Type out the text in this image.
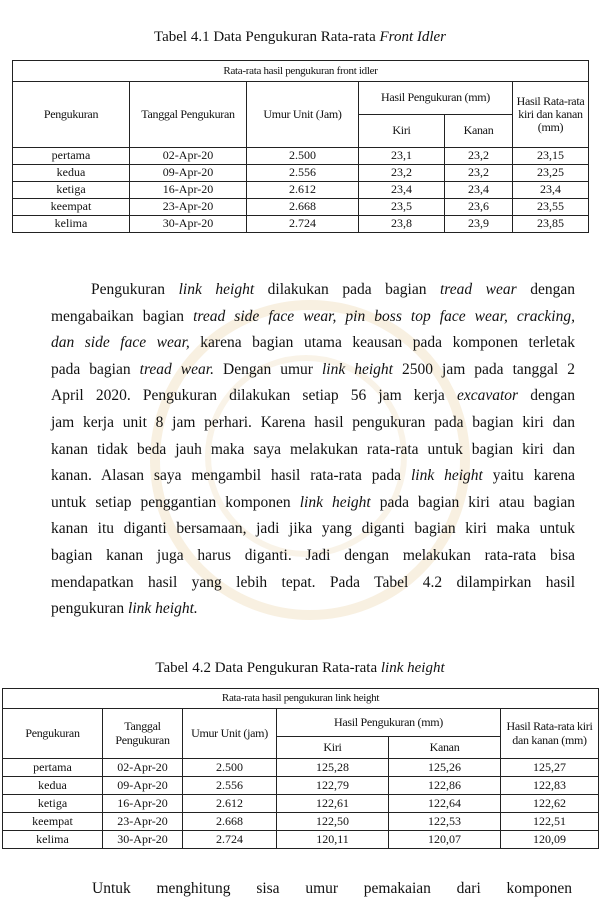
Tabel 4.1 Data Pengukuran Rata-rata Front Idler
Rata-rata hasil pengukuran front idler					
Pengukuran	Tanggal Pengukuran	Umur Unit (Jam)	Hasil Pengukuran (mm)		Hasil Rata-rata kiri dan kanan (mm)
			Kiri	Kanan	
pertama	02-Apr-20	2.500	23,1	23,2	23,15
kedua	09-Apr-20	2.556	23,2	23,2	23,25
ketiga	16-Apr-20	2.612	23,4	23,4	23,4
keempat	23-Apr-20	2.668	23,5	23,6	23,55
kelima	30-Apr-20	2.724	23,8	23,9	23,85
Pengukuran link height dilakukan pada bagian tread wear dengan
mengabaikan bagian tread side face wear, pin boss top face wear, cracking,
dan side face wear, karena bagian utama keausan pada komponen terletak
pada bagian tread wear. Dengan umur link height 2500 jam pada tanggal 2
April 2020. Pengukuran dilakukan setiap 56 jam kerja excavator dengan
jam kerja unit 8 jam perhari. Karena hasil pengukuran pada bagian kiri dan
kanan tidak beda jauh maka saya melakukan rata-rata untuk bagian kiri dan
kanan. Alasan saya mengambil hasil rata-rata pada link height yaitu karena
untuk setiap penggantian komponen link height pada bagian kiri atau bagian
kanan itu diganti bersamaan, jadi jika yang diganti bagian kiri maka untuk
bagian kanan juga harus diganti. Jadi dengan melakukan rata-rata bisa
mendapatkan hasil yang lebih tepat. Pada Tabel 4.2 dilampirkan hasil
pengukuran link height.
Tabel 4.2 Data Pengukuran Rata-rata link height
Rata-rata hasil pengukuran link height					
Pengukuran	Tanggal Pengukuran	Umur Unit (jam)	Hasil Pengukuran (mm)		Hasil Rata-rata kiri dan kanan (mm)
			Kiri	Kanan	
pertama	02-Apr-20	2.500	125,28	125,26	125,27
kedua	09-Apr-20	2.556	122,79	122,86	122,83
ketiga	16-Apr-20	2.612	122,61	122,64	122,62
keempat	23-Apr-20	2.668	122,50	122,53	122,51
kelima	30-Apr-20	2.724	120,11	120,07	120,09
Untuk menghitung sisa umur pemakaian dari komponen
